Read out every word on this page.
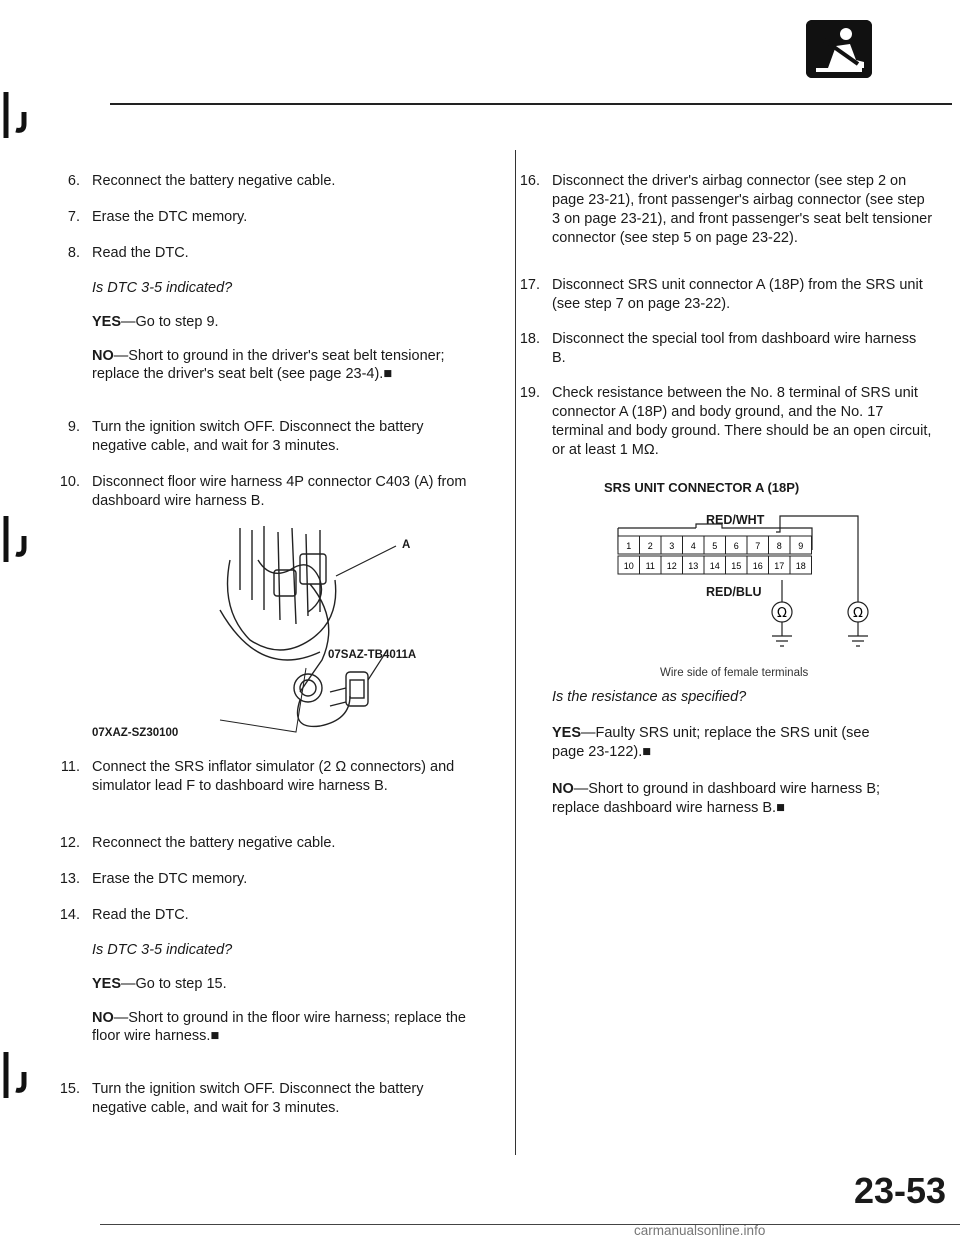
6. Reconnect the battery negative cable.
7. Erase the DTC memory.
8. Read the DTC.
Is DTC 3-5 indicated?
YES—Go to step 9.
NO—Short to ground in the driver's seat belt tensioner; replace the driver's seat belt (see page 23-4).■
9. Turn the ignition switch OFF. Disconnect the battery negative cable, and wait for 3 minutes.
10. Disconnect floor wire harness 4P connector C403 (A) from dashboard wire harness B.
A
07SAZ-TB4011A
07XAZ-SZ30100
11. Connect the SRS inflator simulator (2 Ω connectors) and simulator lead F to dashboard wire harness B.
12. Reconnect the battery negative cable.
13. Erase the DTC memory.
14. Read the DTC.
Is DTC 3-5 indicated?
YES—Go to step 15.
NO—Short to ground in the floor wire harness; replace the floor wire harness.■
15. Turn the ignition switch OFF. Disconnect the battery negative cable, and wait for 3 minutes.
16. Disconnect the driver's airbag connector (see step 2 on page 23-21), front passenger's airbag connector (see step 3 on page 23-21), and front passenger's seat belt tensioner connector (see step 5 on page 23-22).
17. Disconnect SRS unit connector A (18P) from the SRS unit (see step 7 on page 23-22).
18. Disconnect the special tool from dashboard wire harness B.
19. Check resistance between the No. 8 terminal of SRS unit connector A (18P) and body ground, and the No. 17 terminal and body ground. There should be an open circuit, or at least 1 MΩ.
SRS UNIT CONNECTOR A (18P)
RED/WHT
RED/BLU
1 2 3 4 5 6 7 8 9
10 11 12 13 14 15 16 17 18
Ω	Ω
Wire side of female terminals
Is the resistance as specified?
YES—Faulty SRS unit; replace the SRS unit (see page 23-122).■
NO—Short to ground in dashboard wire harness B; replace dashboard wire harness B.■
23-53
carmanualsonline.info
